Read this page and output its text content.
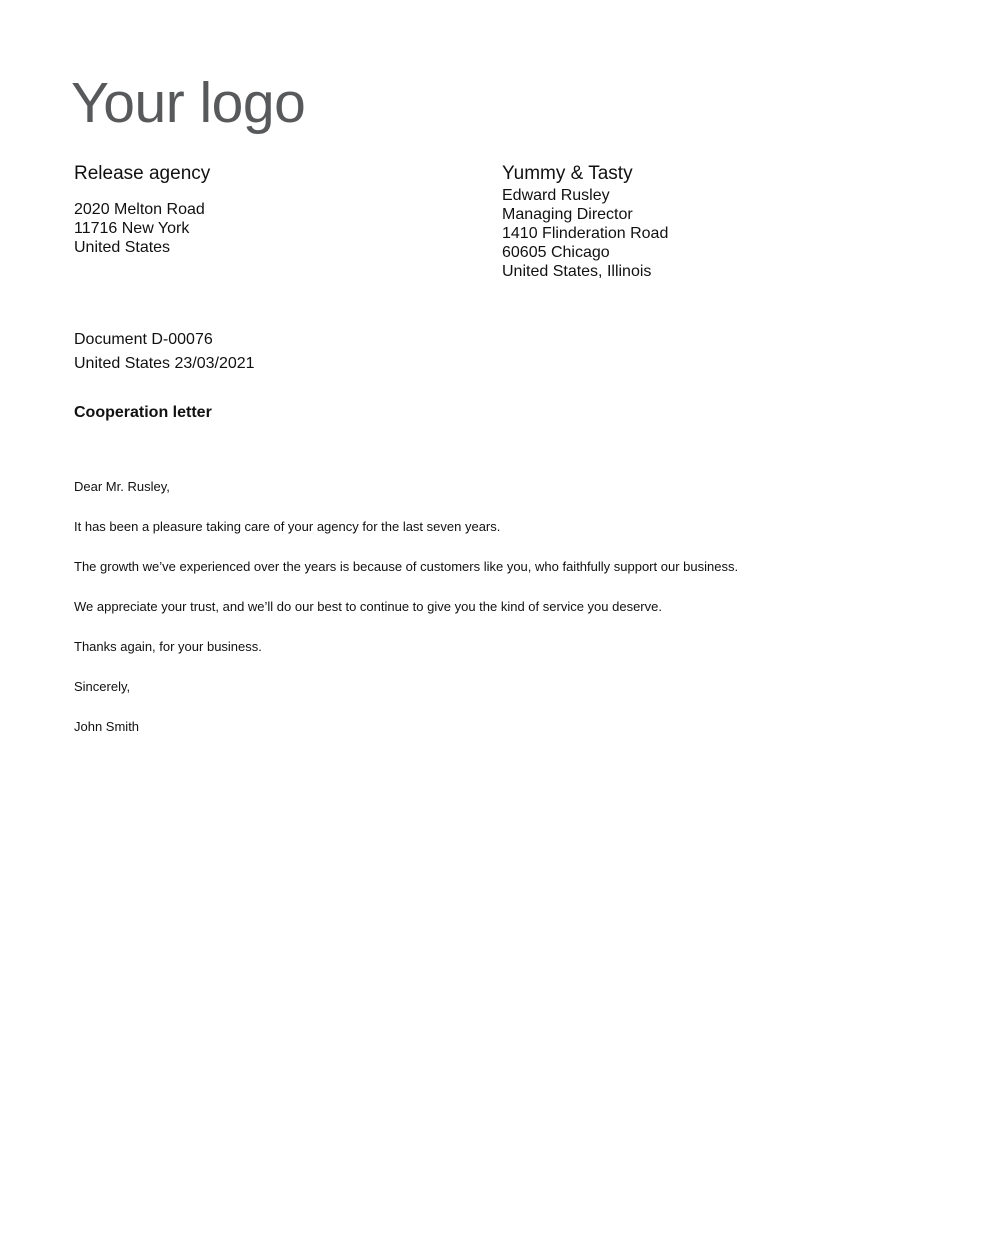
Your logo
Release agency
2020 Melton Road
11716 New York
United States
Yummy & Tasty
Edward Rusley
Managing Director
1410 Flinderation Road
60605 Chicago
United States, Illinois
Document D-00076
United States 23/03/2021
Cooperation letter

Dear Mr. Rusley,

It has been a pleasure taking care of your agency for the last seven years.

The growth we’ve experienced over the years is because of customers like you, who faithfully support our business.

We appreciate your trust, and we’ll do our best to continue to give you the kind of service you deserve.

Thanks again, for your business.

Sincerely,

John Smith
